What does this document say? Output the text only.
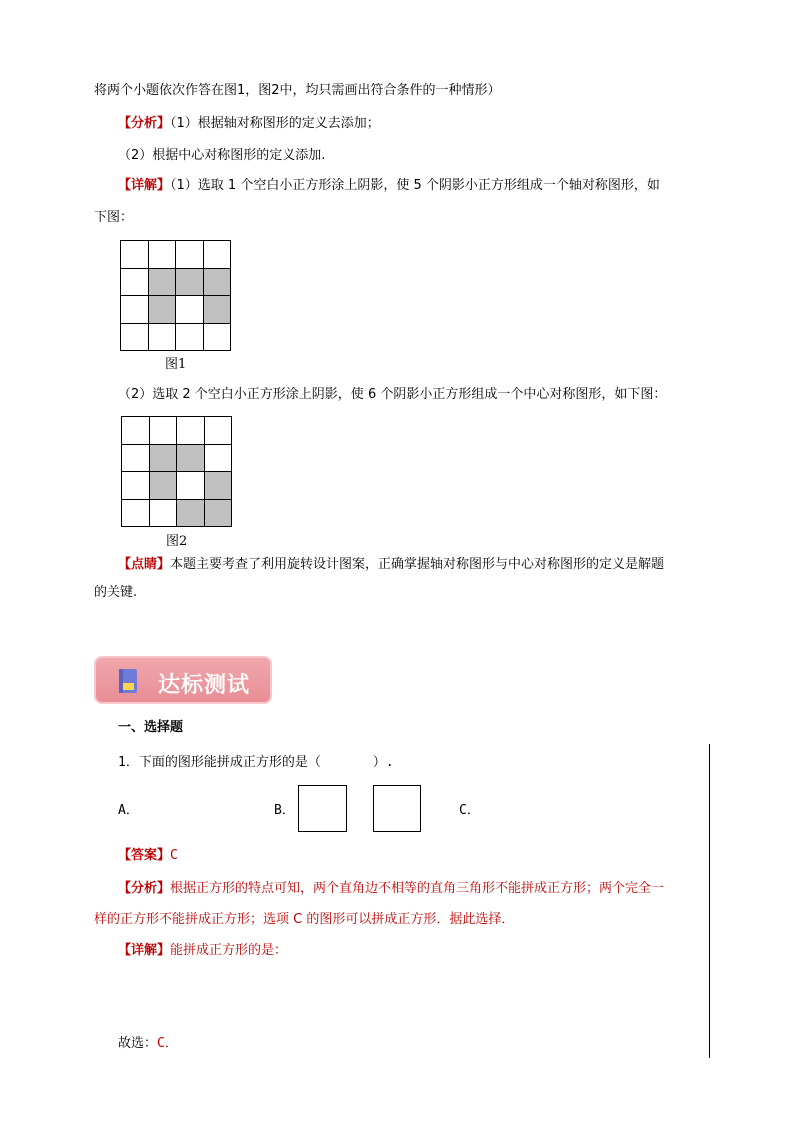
将两个小题依次作答在图1，图2中，均只需画出符合条件的一种情形）
【分析】（1）根据轴对称图形的定义去添加；
（2）根据中心对称图形的定义添加.
【详解】（1）选取 1 个空白小正方形涂上阴影，使 5 个阴影小正方形组成一个轴对称图形，如
下图：

图1
（2）选取 2 个空白小正方形涂上阴影，使 6 个阴影小正方形组成一个中心对称图形，如下图：

图2
【点睛】本题主要考查了利用旋转设计图案，正确掌握轴对称图形与中心对称图形的定义是解题
的关键.
达标测试
一、选择题
1．下面的图形能拼成正方形的是（　　　　）.
A．	B．	C．
【答案】C
【分析】根据正方形的特点可知，两个直角边不相等的直角三角形不能拼成正方形；两个完全一
样的正方形不能拼成正方形；选项 C 的图形可以拼成正方形．据此选择．
【详解】能拼成正方形的是：
故选：C．
